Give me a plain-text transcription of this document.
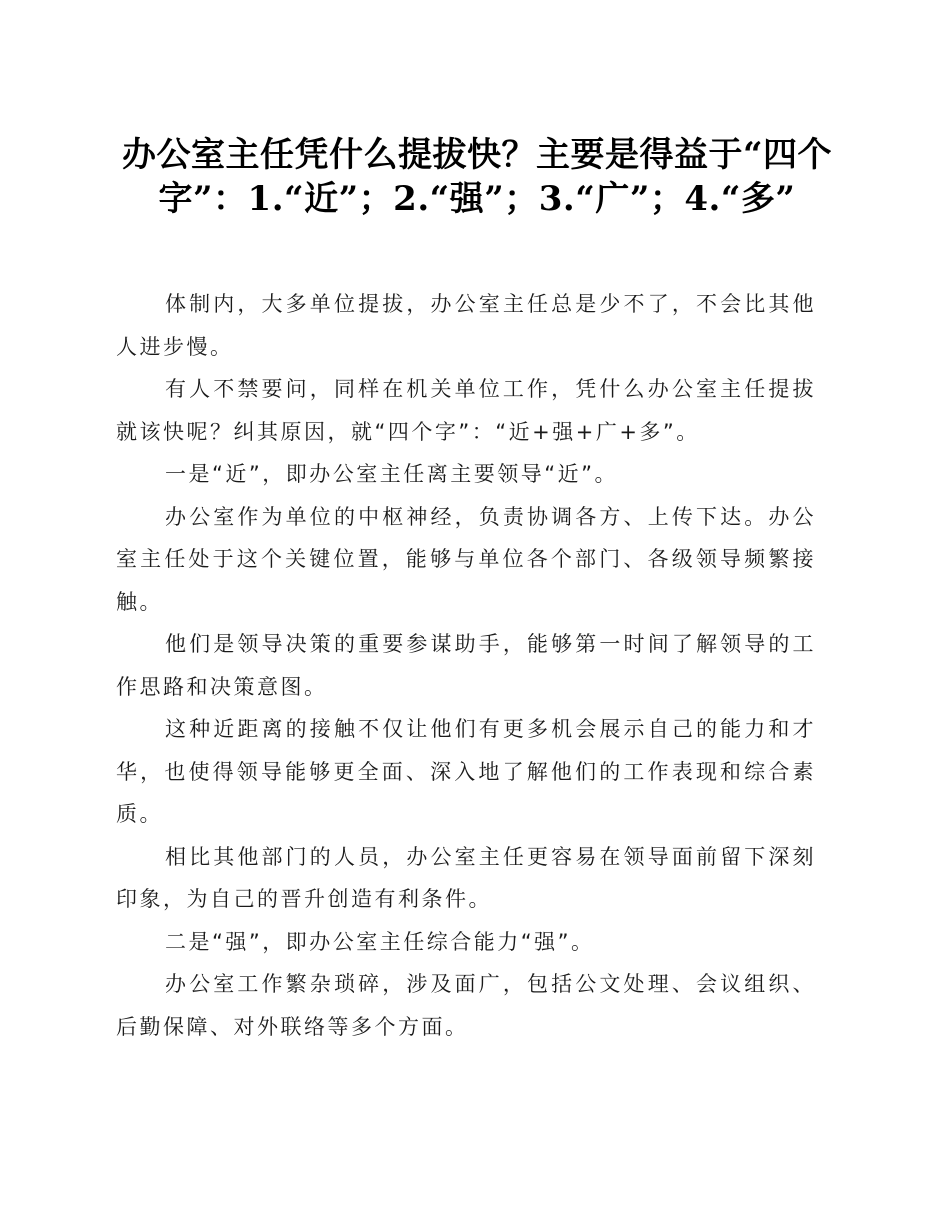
办公室主任凭什么提拔快？主要是得益于“四个字”：1.“近”；2.“强”；3.“广”；4.“多”

体制内，大多单位提拔，办公室主任总是少不了，不会比其他人进步慢。

有人不禁要问，同样在机关单位工作，凭什么办公室主任提拔就该快呢？纠其原因，就“四个字”：“近+强+广+多”。

一是“近”，即办公室主任离主要领导“近”。

办公室作为单位的中枢神经，负责协调各方、上传下达。办公室主任处于这个关键位置，能够与单位各个部门、各级领导频繁接触。

他们是领导决策的重要参谋助手，能够第一时间了解领导的工作思路和决策意图。

这种近距离的接触不仅让他们有更多机会展示自己的能力和才华，也使得领导能够更全面、深入地了解他们的工作表现和综合素质。

相比其他部门的人员，办公室主任更容易在领导面前留下深刻印象，为自己的晋升创造有利条件。

二是“强”，即办公室主任综合能力“强”。

办公室工作繁杂琐碎，涉及面广，包括公文处理、会议组织、后勤保障、对外联络等多个方面。
